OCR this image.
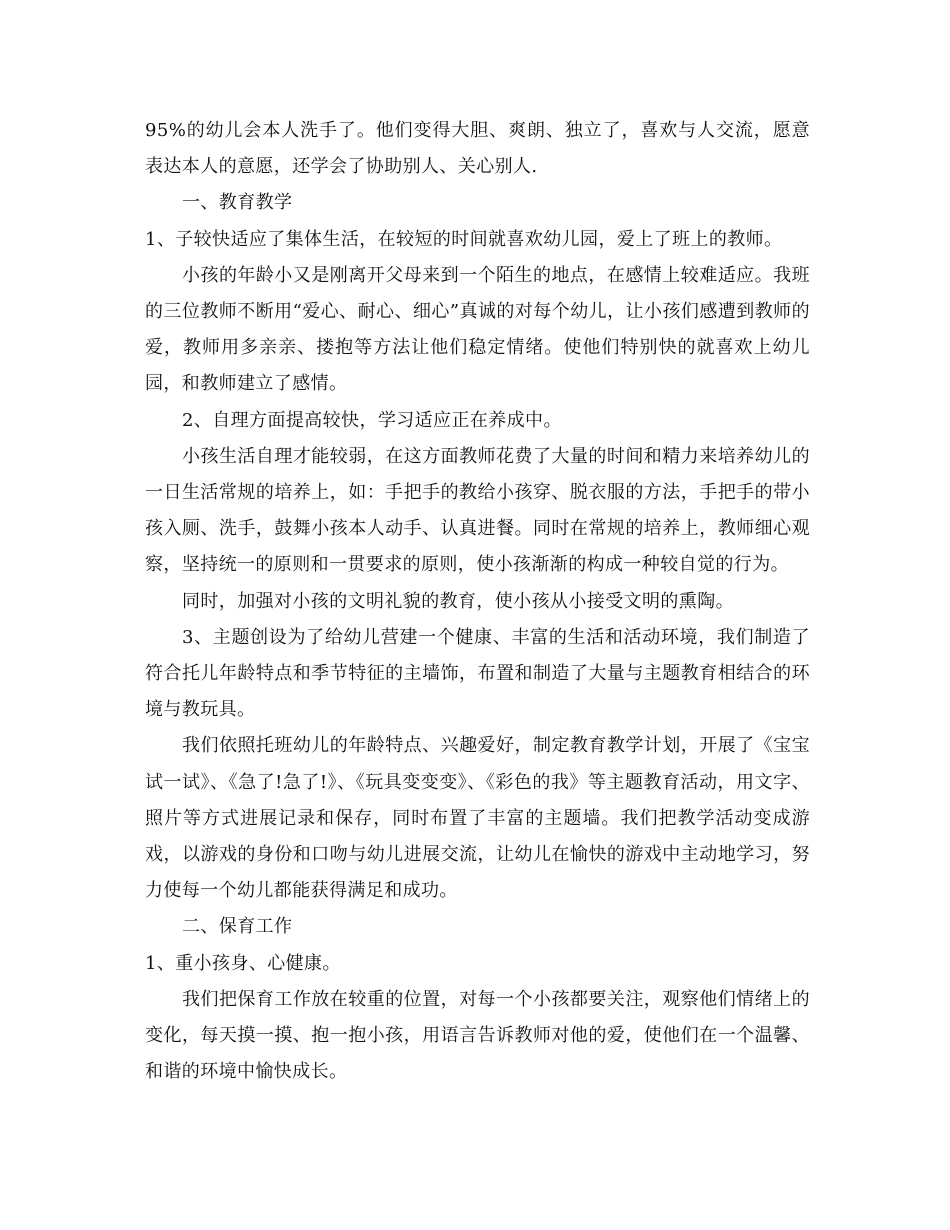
95%的幼儿会本人洗手了。他们变得大胆、爽朗、独立了，喜欢与人交流，愿意表达本人的意愿，还学会了协助别人、关心别人.

一、教育教学

1、子较快适应了集体生活，在较短的时间就喜欢幼儿园，爱上了班上的教师。

小孩的年龄小又是刚离开父母来到一个陌生的地点，在感情上较难适应。我班的三位教师不断用“爱心、耐心、细心”真诚的对每个幼儿，让小孩们感遭到教师的爱，教师用多亲亲、搂抱等方法让他们稳定情绪。使他们特别快的就喜欢上幼儿园，和教师建立了感情。

2、自理方面提高较快，学习适应正在养成中。

小孩生活自理才能较弱，在这方面教师花费了大量的时间和精力来培养幼儿的一日生活常规的培养上，如：手把手的教给小孩穿、脱衣服的方法，手把手的带小孩入厕、洗手，鼓舞小孩本人动手、认真进餐。同时在常规的培养上，教师细心观察，坚持统一的原则和一贯要求的原则，使小孩渐渐的构成一种较自觉的行为。

同时，加强对小孩的文明礼貌的教育，使小孩从小接受文明的熏陶。

3、主题创设为了给幼儿营建一个健康、丰富的生活和活动环境，我们制造了符合托儿年龄特点和季节特征的主墙饰，布置和制造了大量与主题教育相结合的环境与教玩具。

我们依照托班幼儿的年龄特点、兴趣爱好，制定教育教学计划，开展了《宝宝试一试》、《急了!急了!》、《玩具变变变》、《彩色的我》等主题教育活动，用文字、照片等方式进展记录和保存，同时布置了丰富的主题墙。我们把教学活动变成游戏，以游戏的身份和口吻与幼儿进展交流，让幼儿在愉快的游戏中主动地学习，努力使每一个幼儿都能获得满足和成功。

二、保育工作

1、重小孩身、心健康。

我们把保育工作放在较重的位置，对每一个小孩都要关注，观察他们情绪上的变化，每天摸一摸、抱一抱小孩，用语言告诉教师对他的爱，使他们在一个温馨、和谐的环境中愉快成长。
